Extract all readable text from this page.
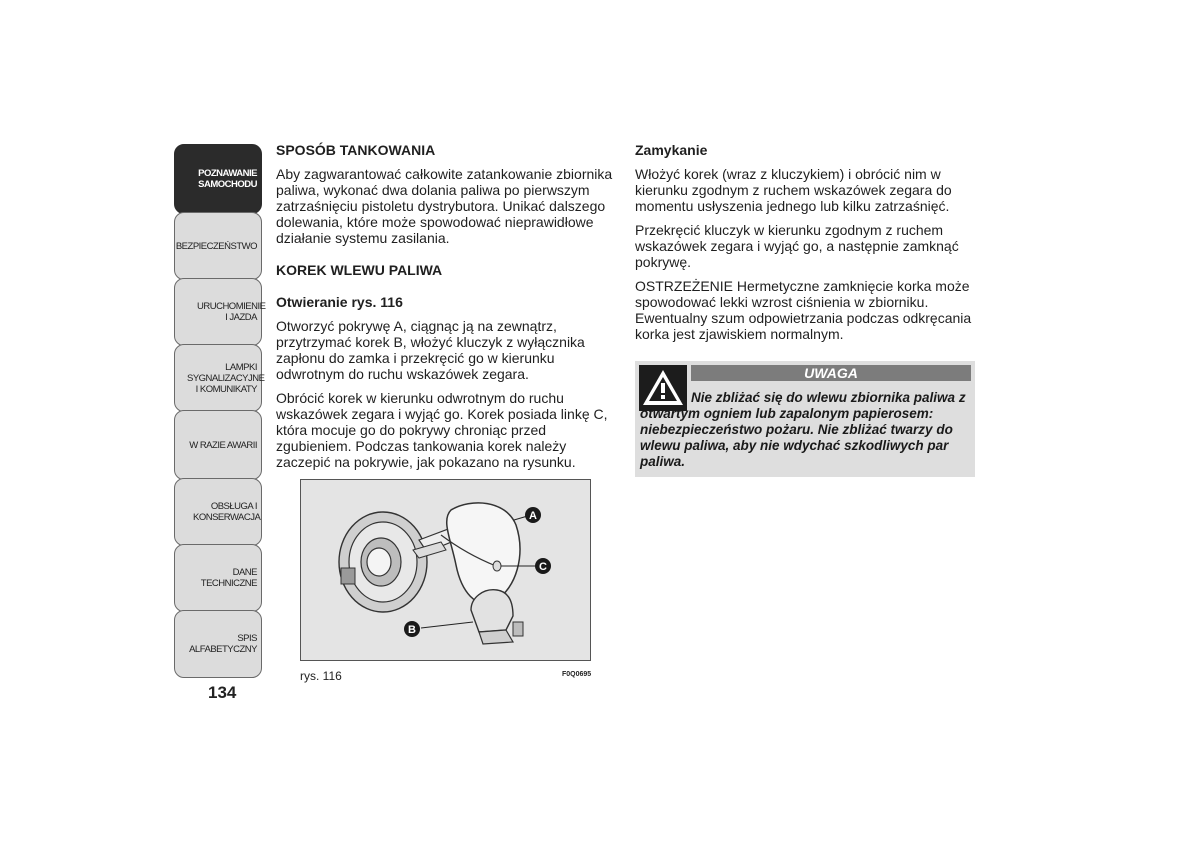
POZNAWANIE SAMOCHODU
BEZPIECZEŃSTWO
URUCHOMIENIE I JAZDA
LAMPKI SYGNALIZACYJNE I KOMUNIKATY
W RAZIE AWARII
OBSŁUGA I KONSERWACJA
DANE TECHNICZNE
SPIS ALFABETYCZNY
134
SPOSÓB TANKOWANIA

Aby zagwarantować całkowite zatankowanie zbiornika paliwa, wykonać dwa dolania paliwa po pierwszym zatrzaśnięciu pistoletu dystrybutora. Unikać dalszego dolewania, które może spowodować nieprawidłowe działanie systemu zasilania.

KOREK WLEWU PALIWA
Otwieranie rys. 116

Otworzyć pokrywę A, ciągnąc ją na zewnątrz, przytrzymać korek B, włożyć kluczyk z wyłącznika zapłonu do zamka i przekręcić go w kierunku odwrotnym do ruchu wskazówek zegara.

Obrócić korek w kierunku odwrotnym do ruchu wskazówek zegara i wyjąć go. Korek posiada linkę C, która mocuje go do pokrywy chroniąc przed zgubieniem. Podczas tankowania korek należy zaczepić na pokrywie, jak pokazano na rysunku.

A
C
B
rys. 116	F0Q0695
Zamykanie

Włożyć korek (wraz z kluczykiem) i obrócić nim w kierunku zgodnym z ruchem wskazówek zegara do momentu usłyszenia jednego lub kilku zatrzaśnięć.

Przekręcić kluczyk w kierunku zgodnym z ruchem wskazówek zegara i wyjąć go, a następnie zamknąć pokrywę.

OSTRZEŻENIE Hermetyczne zamknięcie korka może spowodować lekki wzrost ciśnienia w zbiorniku. Ewentualny szum odpowietrzania podczas odkręcania korka jest zjawiskiem normalnym.

UWAGA
Nie zbliżać się do wlewu zbiornika paliwa z otwartym ogniem lub zapalonym papierosem: niebezpieczeństwo pożaru. Nie zbliżać twarzy do wlewu paliwa, aby nie wdychać szkodliwych par paliwa.
